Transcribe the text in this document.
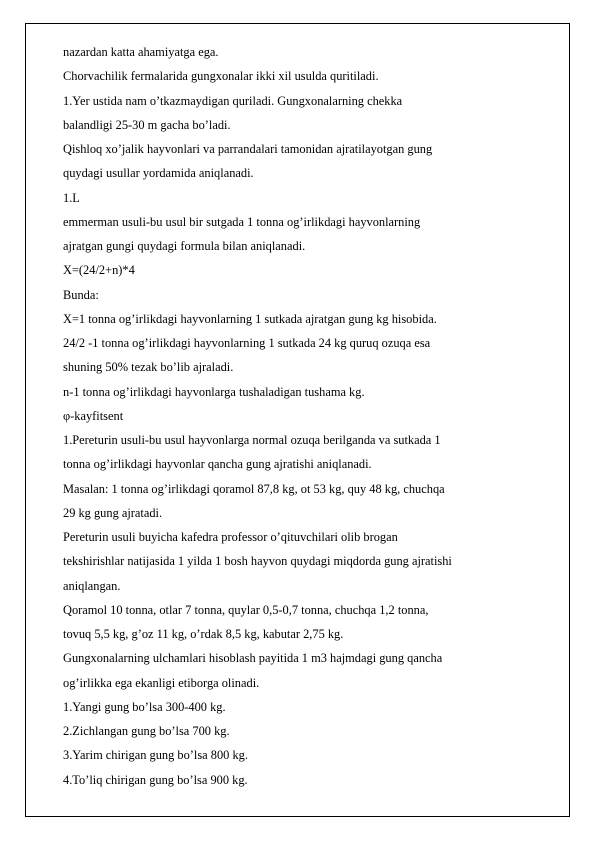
nazardan katta ahamiyatga ega.
Chorvachilik fermalarida gungxonalar ikki xil usulda quritiladi.
1.Yer ustida nam o’tkazmaydigan quriladi. Gungxonalarning chekka
balandligi 25-30 m gacha bo’ladi.
Qishloq xo’jalik hayvonlari va parrandalari tamonidan ajratilayotgan gung
quydagi usullar yordamida aniqlanadi.
1.L
emmerman usuli-bu usul bir sutgada 1 tonna og’irlikdagi hayvonlarning
ajratgan gungi quydagi formula bilan aniqlanadi.
X=(24/2+n)*4
Bunda:
X=1 tonna og’irlikdagi hayvonlarning 1 sutkada ajratgan gung kg hisobida.
24/2 -1 tonna og’irlikdagi hayvonlarning 1 sutkada 24 kg quruq ozuqa esa
shuning 50% tezak bo’lib ajraladi.
n-1 tonna og’irlikdagi hayvonlarga tushaladigan tushama kg.
φ-kayfitsent
1.Pereturin usuli-bu usul hayvonlarga normal ozuqa berilganda va sutkada 1
tonna og’irlikdagi hayvonlar qancha gung ajratishi aniqlanadi.
Masalan: 1 tonna og’irlikdagi qoramol 87,8 kg, ot 53 kg, quy 48 kg, chuchqa
29 kg gung ajratadi.
Pereturin usuli buyicha kafedra professor o’qituvchilari olib brogan
tekshirishlar natijasida 1 yilda 1 bosh hayvon quydagi miqdorda gung ajratishi
aniqlangan.
Qoramol 10 tonna, otlar 7 tonna, quylar 0,5-0,7 tonna, chuchqa 1,2 tonna,
tovuq 5,5 kg, g’oz 11 kg, o’rdak 8,5 kg, kabutar 2,75 kg.
Gungxonalarning ulchamlari hisoblash payitida 1 m3 hajmdagi gung qancha
og’irlikka ega ekanligi etiborga olinadi.
1.Yangi gung bo’lsa 300-400 kg.
2.Zichlangan gung bo’lsa 700 kg.
3.Yarim chirigan gung bo’lsa 800 kg.
4.To’liq chirigan gung bo’lsa 900 kg.
